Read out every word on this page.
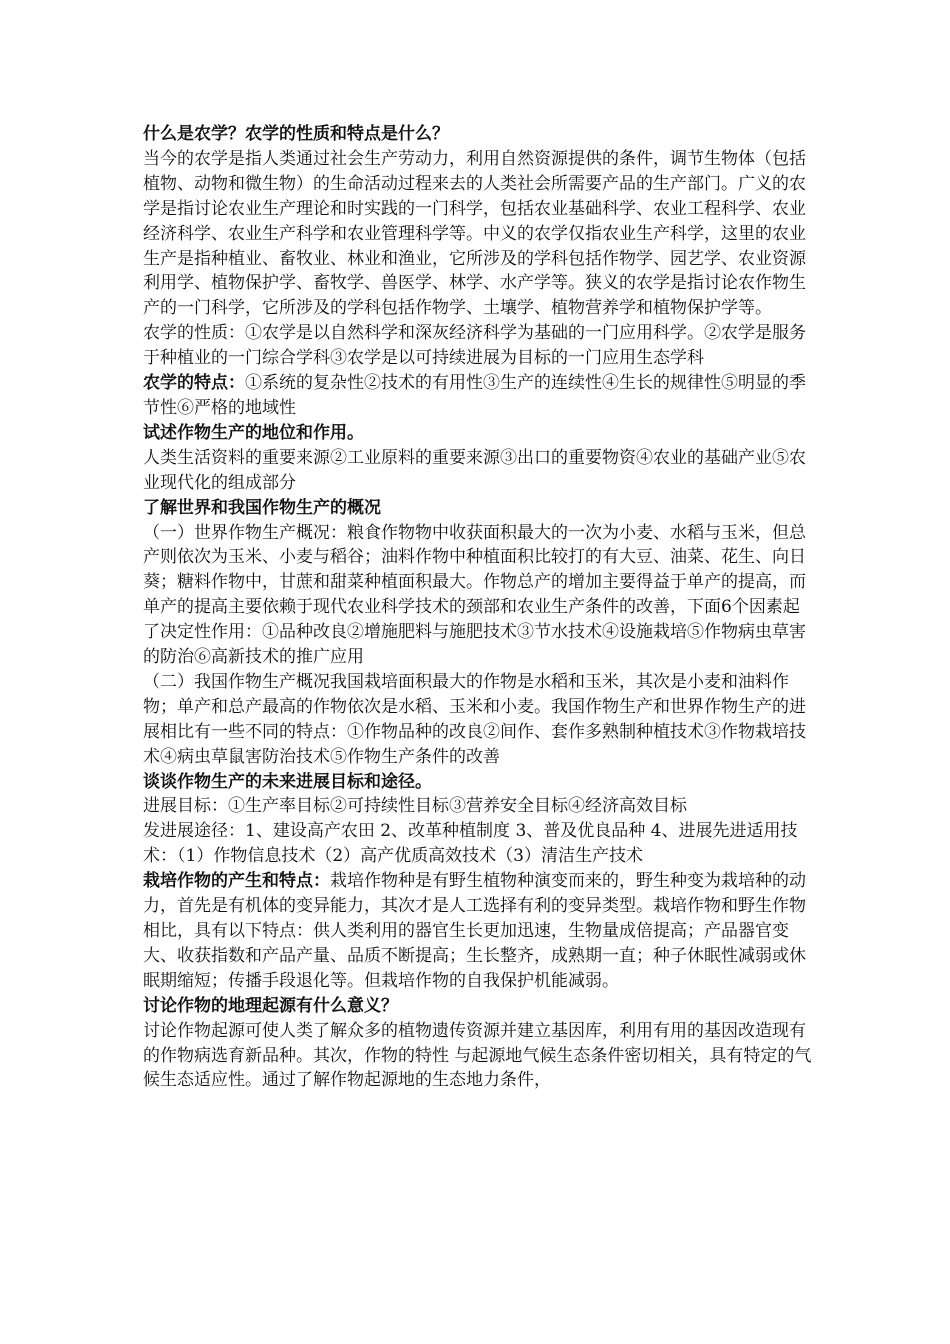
什么是农学？农学的性质和特点是什么？

当今的农学是指人类通过社会生产劳动力，利用自然资源提供的条件，调节生物体（包括植物、动物和微生物）的生命活动过程来去的人类社会所需要产品的生产部门。广义的农学是指讨论农业生产理论和时实践的一门科学，包括农业基础科学、农业工程科学、农业经济科学、农业生产科学和农业管理科学等。中义的农学仅指农业生产科学，这里的农业生产是指种植业、畜牧业、林业和渔业，它所涉及的学科包括作物学、园艺学、农业资源利用学、植物保护学、畜牧学、兽医学、林学、水产学等。狭义的农学是指讨论农作物生产的一门科学，它所涉及的学科包括作物学、土壤学、植物营养学和植物保护学等。

农学的性质：①农学是以自然科学和深灰经济科学为基础的一门应用科学。②农学是服务于种植业的一门综合学科③农学是以可持续进展为目标的一门应用生态学科

农学的特点：①系统的复杂性②技术的有用性③生产的连续性④生长的规律性⑤明显的季节性⑥严格的地域性

试述作物生产的地位和作用。

人类生活资料的重要来源②工业原料的重要来源③出口的重要物资④农业的基础产业⑤农业现代化的组成部分

了解世界和我国作物生产的概况

（一）世界作物生产概况：粮食作物物中收获面积最大的一次为小麦、水稻与玉米，但总产则依次为玉米、小麦与稻谷；油料作物中种植面积比较打的有大豆、油菜、花生、向日葵；糖料作物中，甘蔗和甜菜种植面积最大。作物总产的增加主要得益于单产的提高，而单产的提高主要依赖于现代农业科学技术的颈部和农业生产条件的改善，下面6个因素起了决定性作用：①品种改良②增施肥料与施肥技术③节水技术④设施栽培⑤作物病虫草害的防治⑥高新技术的推广应用

（二）我国作物生产概况我国栽培面积最大的作物是水稻和玉米，其次是小麦和油料作物；单产和总产最高的作物依次是水稻、玉米和小麦。我国作物生产和世界作物生产的进展相比有一些不同的特点：①作物品种的改良②间作、套作多熟制种植技术③作物栽培技术④病虫草鼠害防治技术⑤作物生产条件的改善

谈谈作物生产的未来进展目标和途径。

进展目标：①生产率目标②可持续性目标③营养安全目标④经济高效目标

发进展途径：1、建设高产农田 2、改革种植制度 3、普及优良品种 4、进展先进适用技术：（1）作物信息技术（2）高产优质高效技术（3）清洁生产技术

栽培作物的产生和特点：栽培作物种是有野生植物种演变而来的，野生种变为栽培种的动力，首先是有机体的变异能力，其次才是人工选择有利的变异类型。栽培作物和野生作物相比，具有以下特点：供人类利用的器官生长更加迅速，生物量成倍提高；产品器官变大、收获指数和产品产量、品质不断提高；生长整齐，成熟期一直；种子休眠性减弱或休眠期缩短；传播手段退化等。但栽培作物的自我保护机能减弱。

讨论作物的地理起源有什么意义？

讨论作物起源可使人类了解众多的植物遗传资源并建立基因库，利用有用的基因改造现有的作物病选育新品种。其次，作物的特性 与起源地气候生态条件密切相关，具有特定的气候生态适应性。通过了解作物起源地的生态地力条件，
